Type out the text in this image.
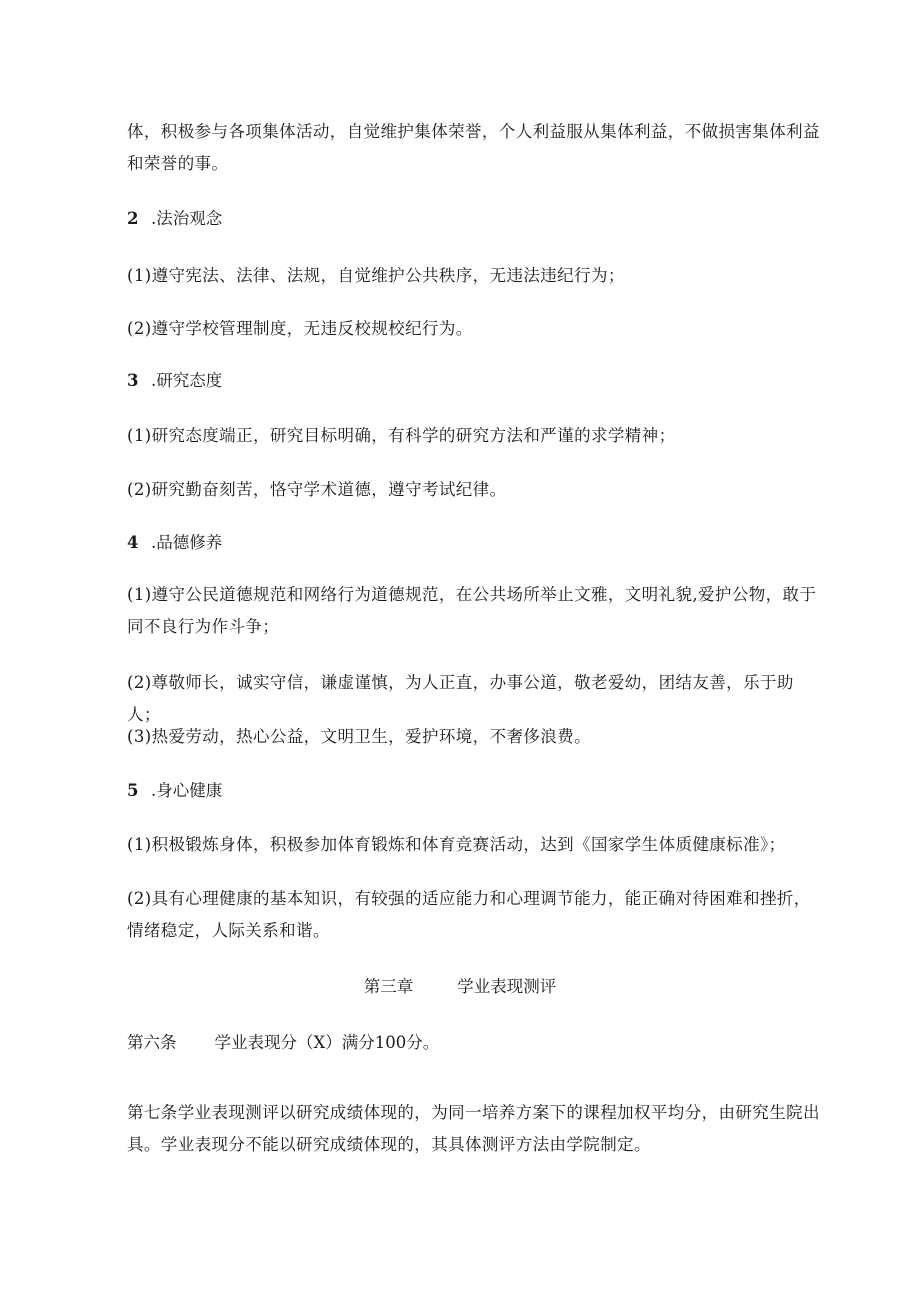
体，积极参与各项集体活动，自觉维护集体荣誉，个人利益服从集体利益，不做损害集体利益和荣誉的事。

2 .法治观念

(1)遵守宪法、法律、法规，自觉维护公共秩序，无违法违纪行为；

(2)遵守学校管理制度，无违反校规校纪行为。

3 .研究态度

(1)研究态度端正，研究目标明确，有科学的研究方法和严谨的求学精神；

(2)研究勤奋刻苦，恪守学术道德，遵守考试纪律。

4 .品德修养

(1)遵守公民道德规范和网络行为道德规范，在公共场所举止文雅，文明礼貌,爱护公物，敢于同不良行为作斗争；

(2)尊敬师长，诚实守信，谦虚谨慎，为人正直，办事公道，敬老爱幼，团结友善，乐于助人；

(3)热爱劳动，热心公益，文明卫生，爱护环境，不奢侈浪费。

5 .身心健康

(1)积极锻炼身体，积极参加体育锻炼和体育竞赛活动，达到《国家学生体质健康标准》；

(2)具有心理健康的基本知识，有较强的适应能力和心理调节能力，能正确对待困难和挫折，情绪稳定，人际关系和谐。

第三章	学业表现测评

第六条 学业表现分（X）满分100分。

第七条学业表现测评以研究成绩体现的，为同一培养方案下的课程加权平均分，由研究生院出具。学业表现分不能以研究成绩体现的，其具体测评方法由学院制定。
